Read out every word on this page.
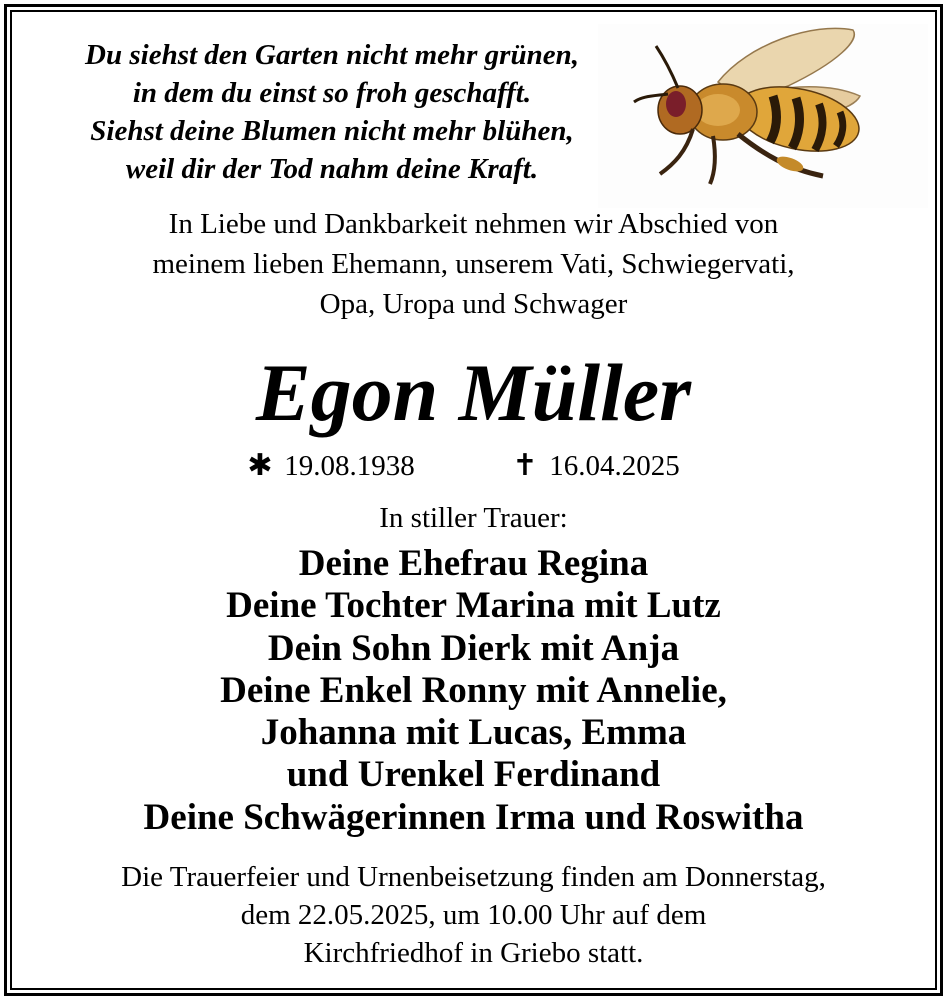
Du siehst den Garten nicht mehr grünen,
in dem du einst so froh geschafft.
Siehst deine Blumen nicht mehr blühen,
weil dir der Tod nahm deine Kraft.
In Liebe und Dankbarkeit nehmen wir Abschied von
meinem lieben Ehemann, unserem Vati, Schwiegervati,
Opa, Uropa und Schwager
Egon Müller
✱ 19.08.1938	✝ 16.04.2025
In stiller Trauer:
Deine Ehefrau Regina
Deine Tochter Marina mit Lutz
Dein Sohn Dierk mit Anja
Deine Enkel Ronny mit Annelie,
Johanna mit Lucas, Emma
und Urenkel Ferdinand
Deine Schwägerinnen Irma und Roswitha
Die Trauerfeier und Urnenbeisetzung finden am Donnerstag,
dem 22.05.2025, um 10.00 Uhr auf dem
Kirchfriedhof in Griebo statt.
